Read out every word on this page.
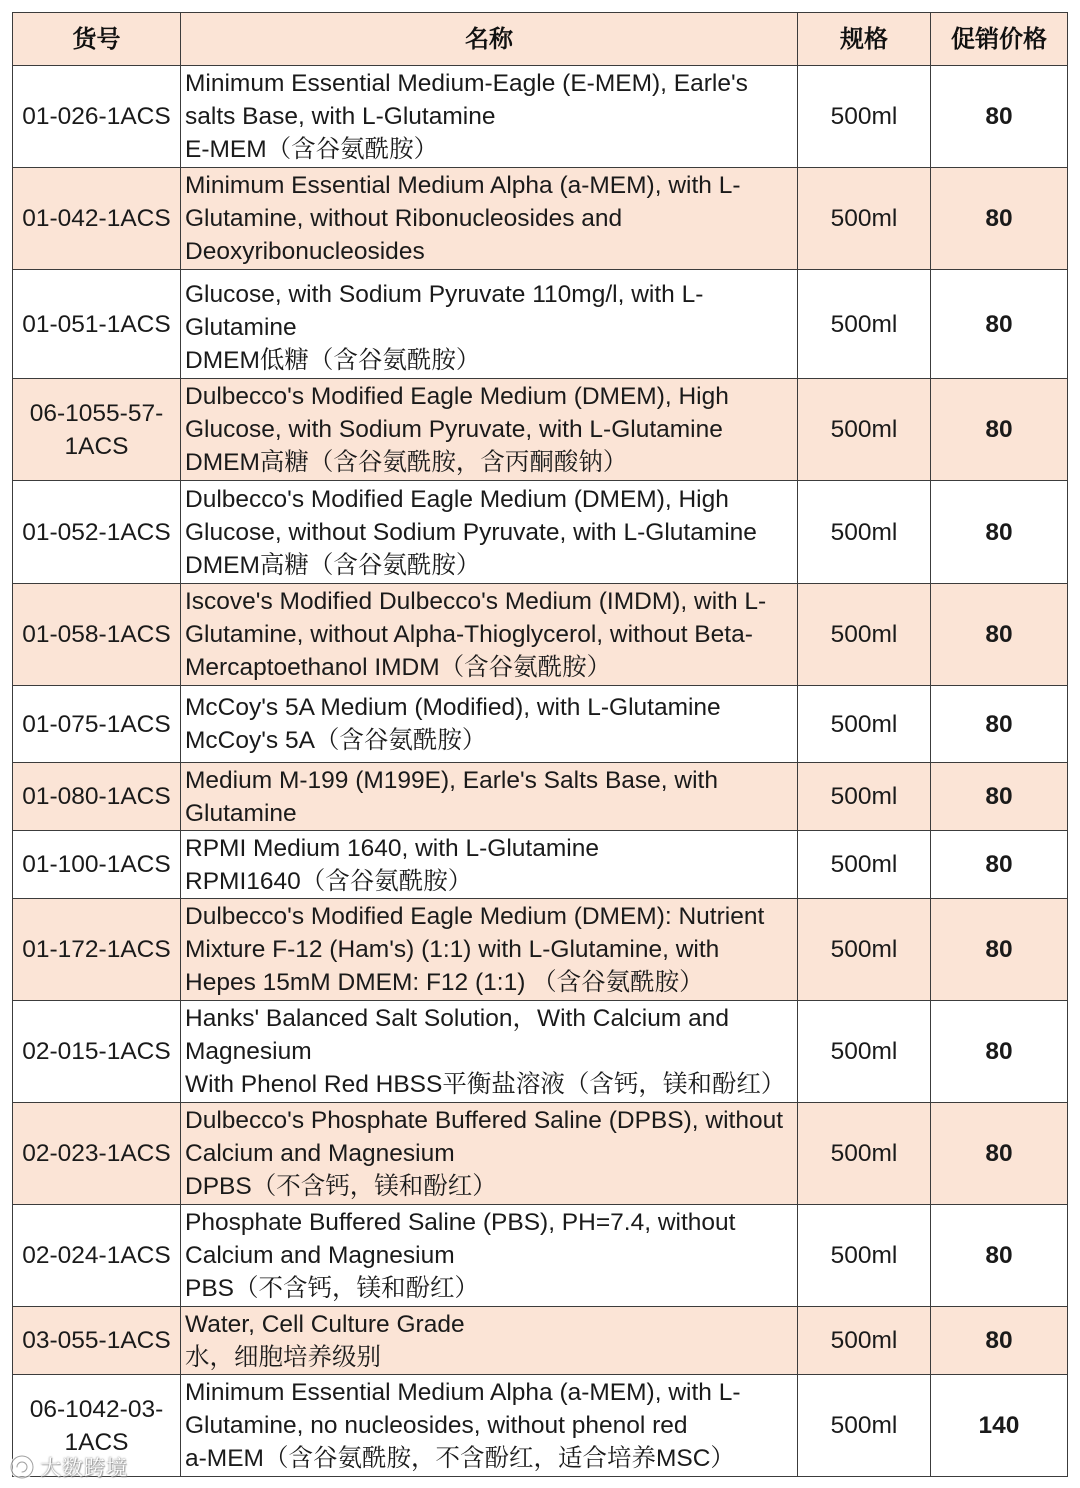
货号	名称	规格	促销价格

01-026-1ACS	Minimum Essential Medium-Eagle (E-MEM), Earle's
salts Base, with L-Glutamine
E-MEM（含谷氨酰胺）	500ml	80

01-042-1ACS	Minimum Essential Medium Alpha (a-MEM), with L-
Glutamine, without Ribonucleosides and
Deoxyribonucleosides	500ml	80

01-051-1ACS	Glucose, with Sodium Pyruvate 110mg/l, with L-
Glutamine
DMEM低糖（含谷氨酰胺）	500ml	80

06-1055-57-
1ACS	Dulbecco's Modified Eagle Medium (DMEM), High
Glucose, with Sodium Pyruvate, with L-Glutamine
DMEM高糖（含谷氨酰胺，含丙酮酸钠）	500ml	80

01-052-1ACS	Dulbecco's Modified Eagle Medium (DMEM), High
Glucose, without Sodium Pyruvate, with L-Glutamine
DMEM高糖（含谷氨酰胺）	500ml	80

01-058-1ACS	Iscove's Modified Dulbecco's Medium (IMDM), with L-
Glutamine, without Alpha-Thioglycerol, without Beta-
Mercaptoethanol IMDM（含谷氨酰胺）	500ml	80

01-075-1ACS	McCoy's 5A Medium (Modified), with L-Glutamine
McCoy's 5A（含谷氨酰胺）	500ml	80

01-080-1ACS	Medium M-199 (M199E), Earle's Salts Base, with
Glutamine	500ml	80

01-100-1ACS	RPMI Medium 1640, with L-Glutamine
RPMI1640（含谷氨酰胺）	500ml	80

01-172-1ACS	Dulbecco's Modified Eagle Medium (DMEM): Nutrient
Mixture F-12 (Ham's) (1:1) with L-Glutamine, with
Hepes 15mM DMEM: F12 (1:1) （含谷氨酰胺）	500ml	80

02-015-1ACS	Hanks' Balanced Salt Solution，With Calcium and
Magnesium
With Phenol Red HBSS平衡盐溶液（含钙，镁和酚红）	500ml	80

02-023-1ACS	Dulbecco's Phosphate Buffered Saline (DPBS), without
Calcium and Magnesium
DPBS（不含钙，镁和酚红）	500ml	80

02-024-1ACS	Phosphate Buffered Saline (PBS), PH=7.4, without
Calcium and Magnesium
PBS（不含钙，镁和酚红）	500ml	80

03-055-1ACS	Water, Cell Culture Grade
水，细胞培养级别	500ml	80

06-1042-03-
1ACS	Minimum Essential Medium Alpha (a-MEM), with L-
Glutamine, no nucleosides, without phenol red
a-MEM（含谷氨酰胺，不含酚红，适合培养MSC）	500ml	140
大数跨境
